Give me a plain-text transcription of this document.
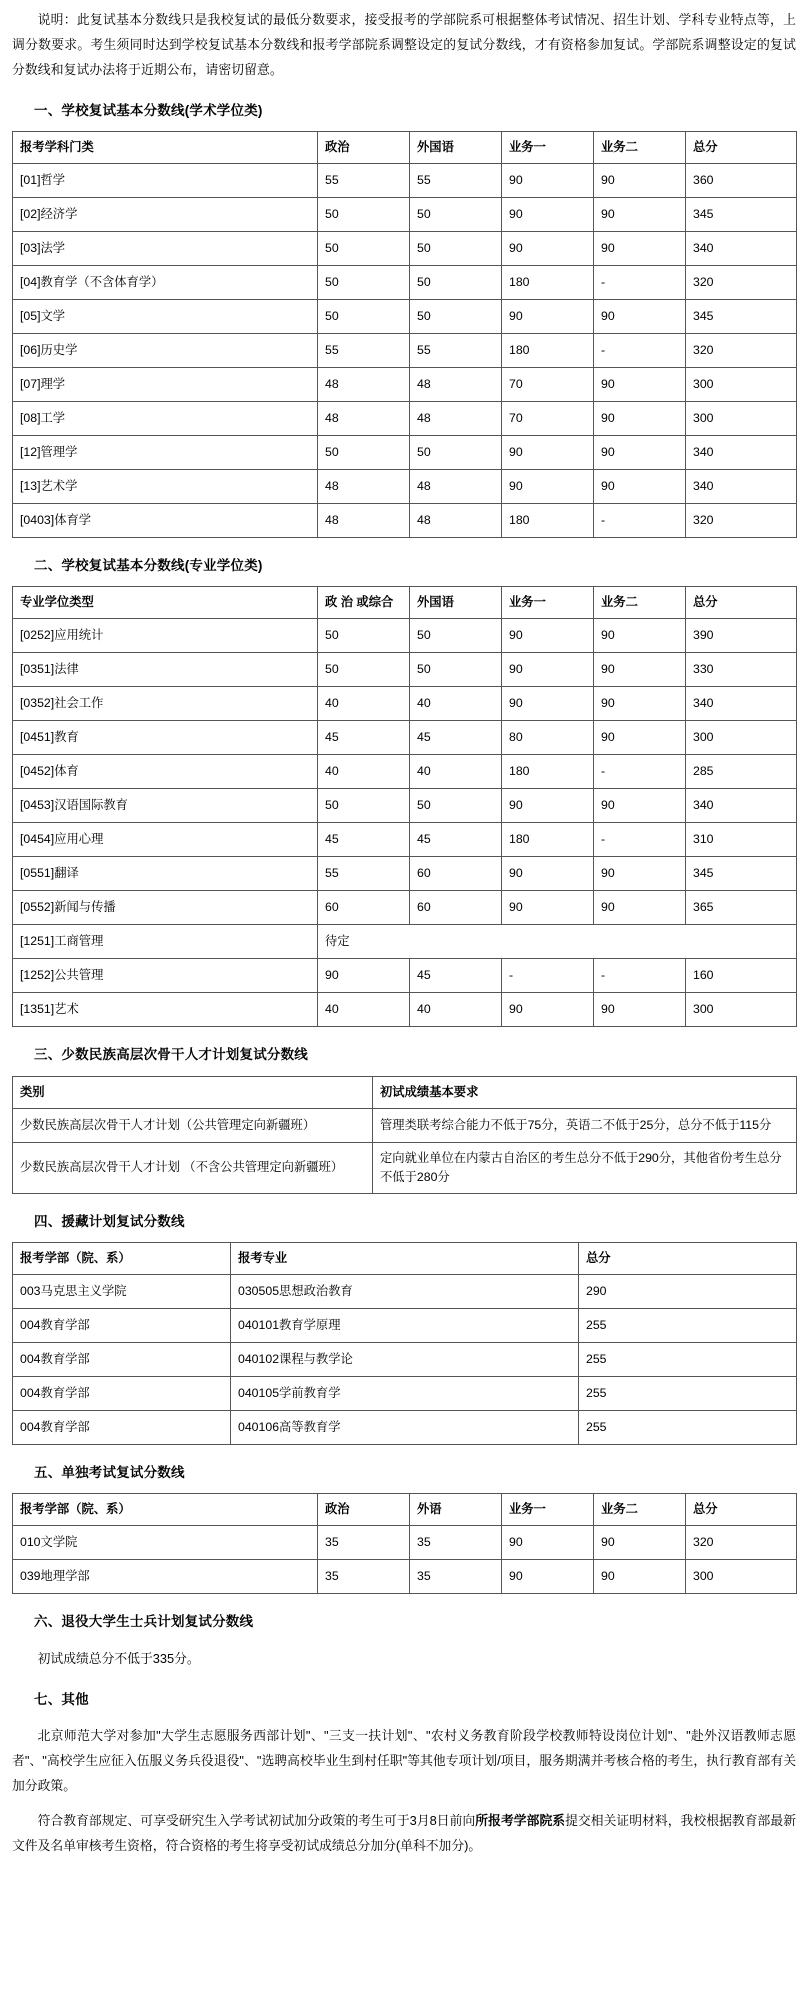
说明：此复试基本分数线只是我校复试的最低分数要求，接受报考的学部院系可根据整体考试情况、招生计划、学科专业特点等，上调分数要求。考生须同时达到学校复试基本分数线和报考学部院系调整设定的复试分数线，才有资格参加复试。学部院系调整设定的复试分数线和复试办法将于近期公布，请密切留意。

一、学校复试基本分数线(学术学位类)
报考学科门类	政治	外国语	业务一	业务二	总分
[01]哲学	55	55	90	90	360
[02]经济学	50	50	90	90	345
[03]法学	50	50	90	90	340
[04]教育学（不含体育学）	50	50	180	-	320
[05]文学	50	50	90	90	345
[06]历史学	55	55	180	-	320
[07]理学	48	48	70	90	300
[08]工学	48	48	70	90	300
[12]管理学	50	50	90	90	340
[13]艺术学	48	48	90	90	340
[0403]体育学	48	48	180	-	320
二、学校复试基本分数线(专业学位类)
专业学位类型	政 治 或综合	外国语	业务一	业务二	总分
[0252]应用统计	50	50	90	90	390
[0351]法律	50	50	90	90	330
[0352]社会工作	40	40	90	90	340
[0451]教育	45	45	80	90	300
[0452]体育	40	40	180	-	285
[0453]汉语国际教育	50	50	90	90	340
[0454]应用心理	45	45	180	-	310
[0551]翻译	55	60	90	90	345
[0552]新闻与传播	60	60	90	90	365
[1251]工商管理	待定				
[1252]公共管理	90	45	-	-	160
[1351]艺术	40	40	90	90	300
三、少数民族高层次骨干人才计划复试分数线
类别	初试成绩基本要求
少数民族高层次骨干人才计划（公共管理定向新疆班）	管理类联考综合能力不低于75分，英语二不低于25分，总分不低于115分
少数民族高层次骨干人才计划 （不含公共管理定向新疆班）	定向就业单位在内蒙古自治区的考生总分不低于290分，其他省份考生总分不低于280分
四、援藏计划复试分数线
报考学部（院、系）	报考专业	总分
003马克思主义学院	030505思想政治教育	290
004教育学部	040101教育学原理	255
004教育学部	040102课程与教学论	255
004教育学部	040105学前教育学	255
004教育学部	040106高等教育学	255
五、单独考试复试分数线
报考学部（院、系）	政治	外语	业务一	业务二	总分
010文学院	35	35	90	90	320
039地理学部	35	35	90	90	300
六、退役大学生士兵计划复试分数线

初试成绩总分不低于335分。

七、其他

北京师范大学对参加"大学生志愿服务西部计划"、"三支一扶计划"、"农村义务教育阶段学校教师特设岗位计划"、"赴外汉语教师志愿者"、"高校学生应征入伍服义务兵役退役"、"选聘高校毕业生到村任职"等其他专项计划/项目，服务期满并考核合格的考生，执行教育部有关加分政策。

符合教育部规定、可享受研究生入学考试初试加分政策的考生可于3月8日前向所报考学部院系提交相关证明材料，我校根据教育部最新文件及名单审核考生资格，符合资格的考生将享受初试成绩总分加分(单科不加分)。
